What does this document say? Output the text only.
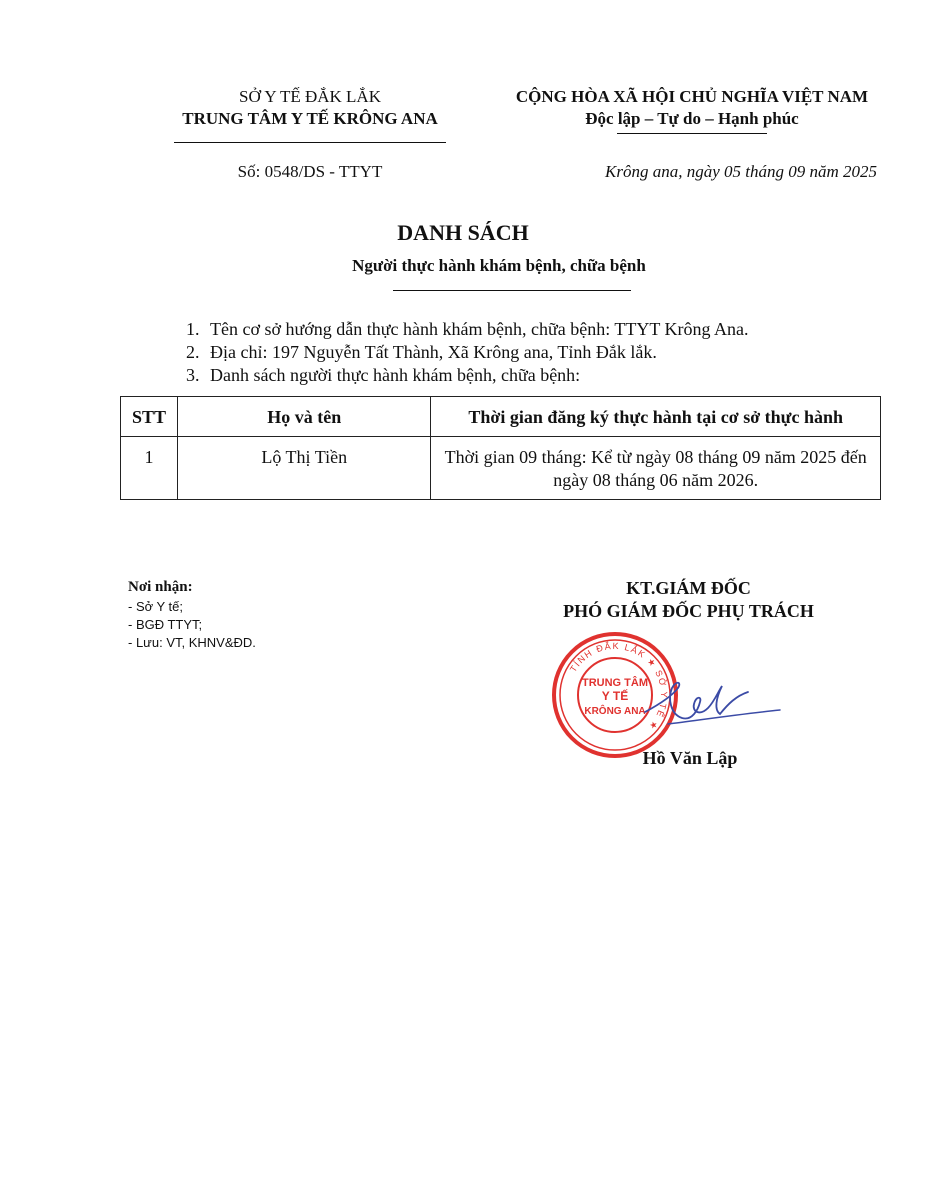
SỞ Y TẾ ĐẮK LẮK
TRUNG TÂM Y TẾ KRÔNG ANA
CỘNG HÒA XÃ HỘI CHỦ NGHĨA VIỆT NAM
Độc lập – Tự do – Hạnh phúc
Số: 0548/DS - TTYT	Krông ana, ngày 05 tháng 09 năm 2025
DANH SÁCH
Người thực hành khám bệnh, chữa bệnh
1. Tên cơ sở hướng dẫn thực hành khám bệnh, chữa bệnh: TTYT Krông Ana.
2. Địa chỉ: 197 Nguyễn Tất Thành, Xã Krông ana, Tỉnh Đắk lắk.
3. Danh sách người thực hành khám bệnh, chữa bệnh:
STT	Họ và tên	Thời gian đăng ký thực hành tại cơ sở thực hành
1	Lộ Thị Tiền	Thời gian 09 tháng: Kể từ ngày 08 tháng 09 năm 2025 đến ngày 08 tháng 06 năm 2026.
Nơi nhận:
- Sở Y tế;
- BGĐ TTYT;
- Lưu: VT, KHNV&ĐD.
KT.GIÁM ĐỐC
PHÓ GIÁM ĐỐC PHỤ TRÁCH
TỈNH ĐẮK LẮK ★ SỞ Y TẾ ★
TRUNG TÂM
Y TẾ
KRÔNG ANA
Hồ Văn Lập
